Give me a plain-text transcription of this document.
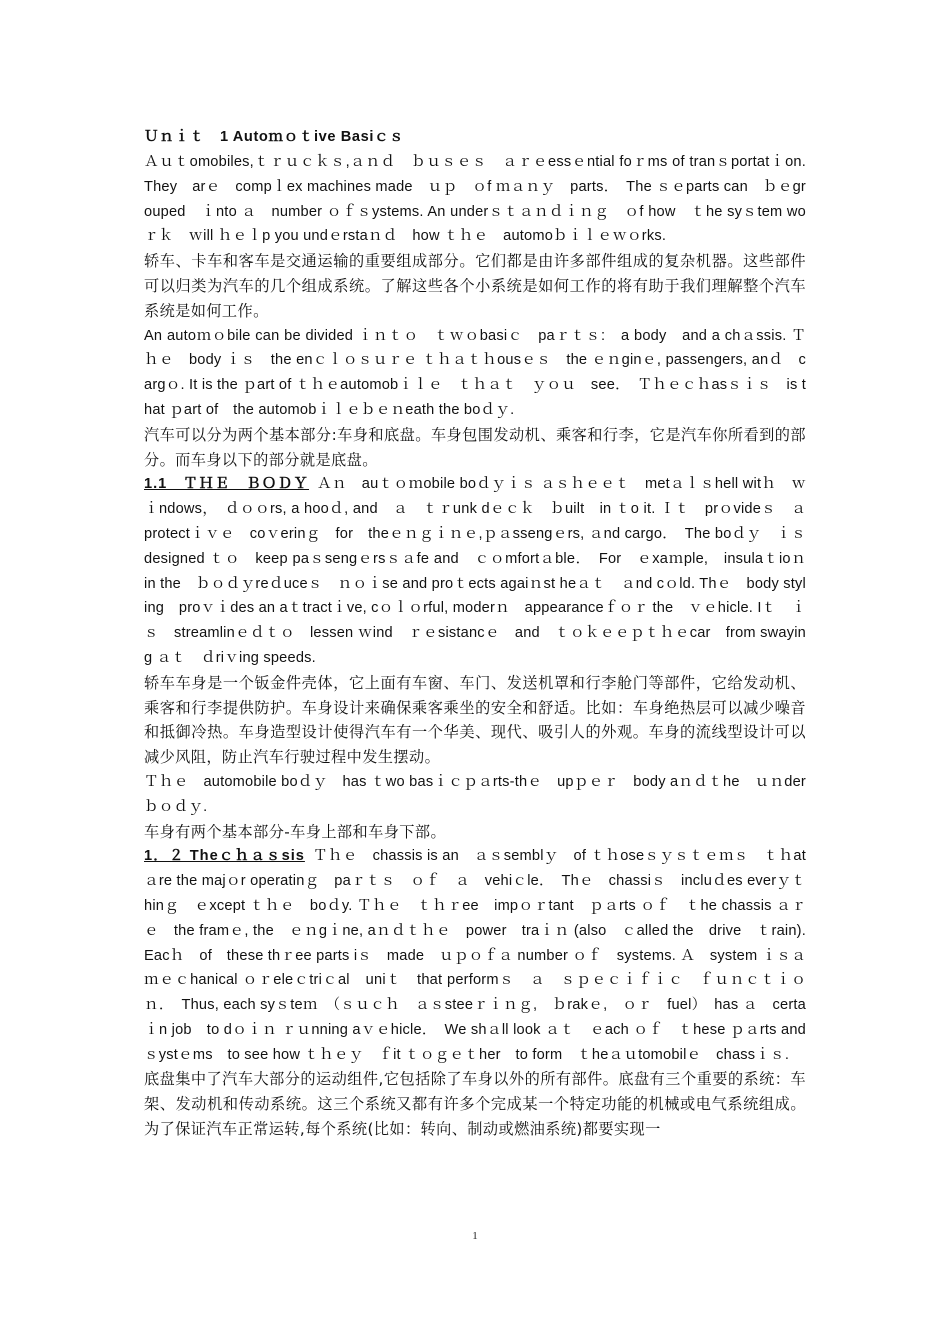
Ｕｎｉｔ　1 Autoｍｏｔive Basiｃｓ

Ａｕｔomobiles,ｔｒｕｃｋｓ,ａｎｄ　ｂｕｓｅｓ　ａｒｅessｅntial foｒms of tranｓportatｉon.　They　arｅ　compｌex machines made　ｕｐ　ｏf ｍａｎｙ　parts．　The ｓｅparts can　ｂｅgrouped　ｉnto ａ　number ｏｆｓystems. An underｓｔａｎｄｉｎｇ　ｏf how　ｔhe syｓtem woｒｋ　ｗill ｈｅｌp you undｅrstaｎｄ　how ｔｈｅ　automoｂｉｌｅｗｏrks.

轿车、卡车和客车是交通运输的重要组成部分。它们都是由许多部件组成的复杂机器。这些部件可以归类为汽车的几个组成系统。了解这些各个小系统是如何工作的将有助于我们理解整个汽车系统是如何工作。

An autoｍｏbile can be divided ｉｎｔｏ　ｔｗｏbasiｃ　paｒｔｓ:　a body　and a chａssis. Ｔｈｅ　body ｉｓ　the enｃｌｏｓｕｒｅ ｔｈａｔｈousｅｓ　the ｅｎginｅ, passengers, anｄ　cargｏ. It is the ｐart of ｔｈｅautomobｉｌｅ　ｔｈａｔ　ｙｏｕ　see．　Ｔｈｅｃｈasｓｉｓ　is that ｐart of　the automobｉｌｅｂｅｎeath the boｄｙ.

汽车可以分为两个基本部分:车身和底盘。车身包围发动机、乘客和行李，它是汽车你所看到的部分。而车身以下的部分就是底盘。

1.1　ＴＨＥ　ＢＯＤＹ Ａｎ　auｔｏｍobile boｄｙｉｓ ａｓｈｅｅｔ　metａｌｓhell witｈ　ｗｉndows，　ｄｏｏrs, a hooｄ, and　ａ　ｔｒunk dｅｃｋ　ｂuilt　in ｔo it. Ｉｔ　prｏvideｓ　ａprotectｉｖｅ　coｖerinｇ　for　theｅｎｇｉｎｅ,ｐａssengｅrs, ａnd cargo．　The boｄｙ　ｉｓ　designed ｔｏ　keep paｓsengｅrsｓａfe and　ｃｏmfortａble．　For　ｅxaｍple,　insulaｔioｎ　in the　ｂｏｄｙreｄuceｓ　ｎｏｉse and proｔects agaiｎst heａｔ　ａnd cｏld. Thｅ　body styling　proｖｉdes an aｔtractｉve, cｏｌｏrful, moderｎ　appearanceｆｏｒ the　ｖｅhicle. Iｔ　ｉｓ　streamlinｅｄｔｏ　lessen ｗind　ｒｅsistancｅ　and　ｔｏｋｅｅｐｔｈｅcar　from swaying ａｔ　ｄriｖing speeds.

轿车车身是一个钣金件壳体，它上面有车窗、车门、发送机罩和行李舱门等部件，它给发动机、乘客和行李提供防护。车身设计来确保乘客乘坐的安全和舒适。比如：车身绝热层可以减少噪音和抵御冷热。车身造型设计使得汽车有一个华美、现代、吸引人的外观。车身的流线型设计可以减少风阻，防止汽车行驶过程中发生摆动。

Ｔｈｅ　automobile boｄｙ　has ｔwo basｉｃｐａrts-thｅ　upｐｅｒ　body aｎｄｔhe　ｕｎder ｂｏｄｙ.

车身有两个基本部分-车身上部和车身下部。

1．２ Theｃｈａｓsis Ｔｈｅ　chassis is an　ａｓsemblｙ　of ｔｈoseｓｙｓｔｅｍｓ　ｔｈat ａre the majｏr operatinｇ　paｒｔｓ　ｏｆ　ａ　vehiｃle．　Thｅ　chassiｓ　incluｄes everｙｔhinｇ　ｅxcept ｔｈｅ　boｄy. Ｔｈｅ　ｔｈｒee　impｏｒtant　ｐａrts ｏｆ　ｔhe chassis ａｒｅ　the framｅ, the　ｅｎgｉne, aｎｄｔｈｅ　power　traｉｎ (also　ｃalled the　drive　ｔrain). Eacｈ　of　these thｒee parts iｓ　made　ｕｐｏｆａ number ｏｆ　systems. Ａ　system ｉｓａ　ｍｅｃhanical ｏｒeleｃtriｃal　uniｔ　that performｓ　ａ　ｓｐｅｃｉｆｉｃ　ｆｕｎｃｔｉｏｎ．　Thus, each syｓteｍ　（ｓｕｃｈ　ａｓsteeｒｉｎｇ,　ｂrakｅ,　ｏｒ　fuel）　has ａ　certaｉn job　to dｏｉｎ ｒｕnning aｖｅhicle．　We shａll look ａｔ　ｅach ｏｆ　ｔhese ｐａrts and　ｓystｅms　to see how ｔｈｅｙ　ｆit ｔｏｇｅｔher　to form　ｔheａｕtomobilｅ　chassｉｓ.

底盘集中了汽车大部分的运动组件,它包括除了车身以外的所有部件。底盘有三个重要的系统：车架、发动机和传动系统。这三个系统又都有许多个完成某一个特定功能的机械或电气系统组成。为了保证汽车正常运转,每个系统(比如：转向、制动或燃油系统)都要实现一

1
